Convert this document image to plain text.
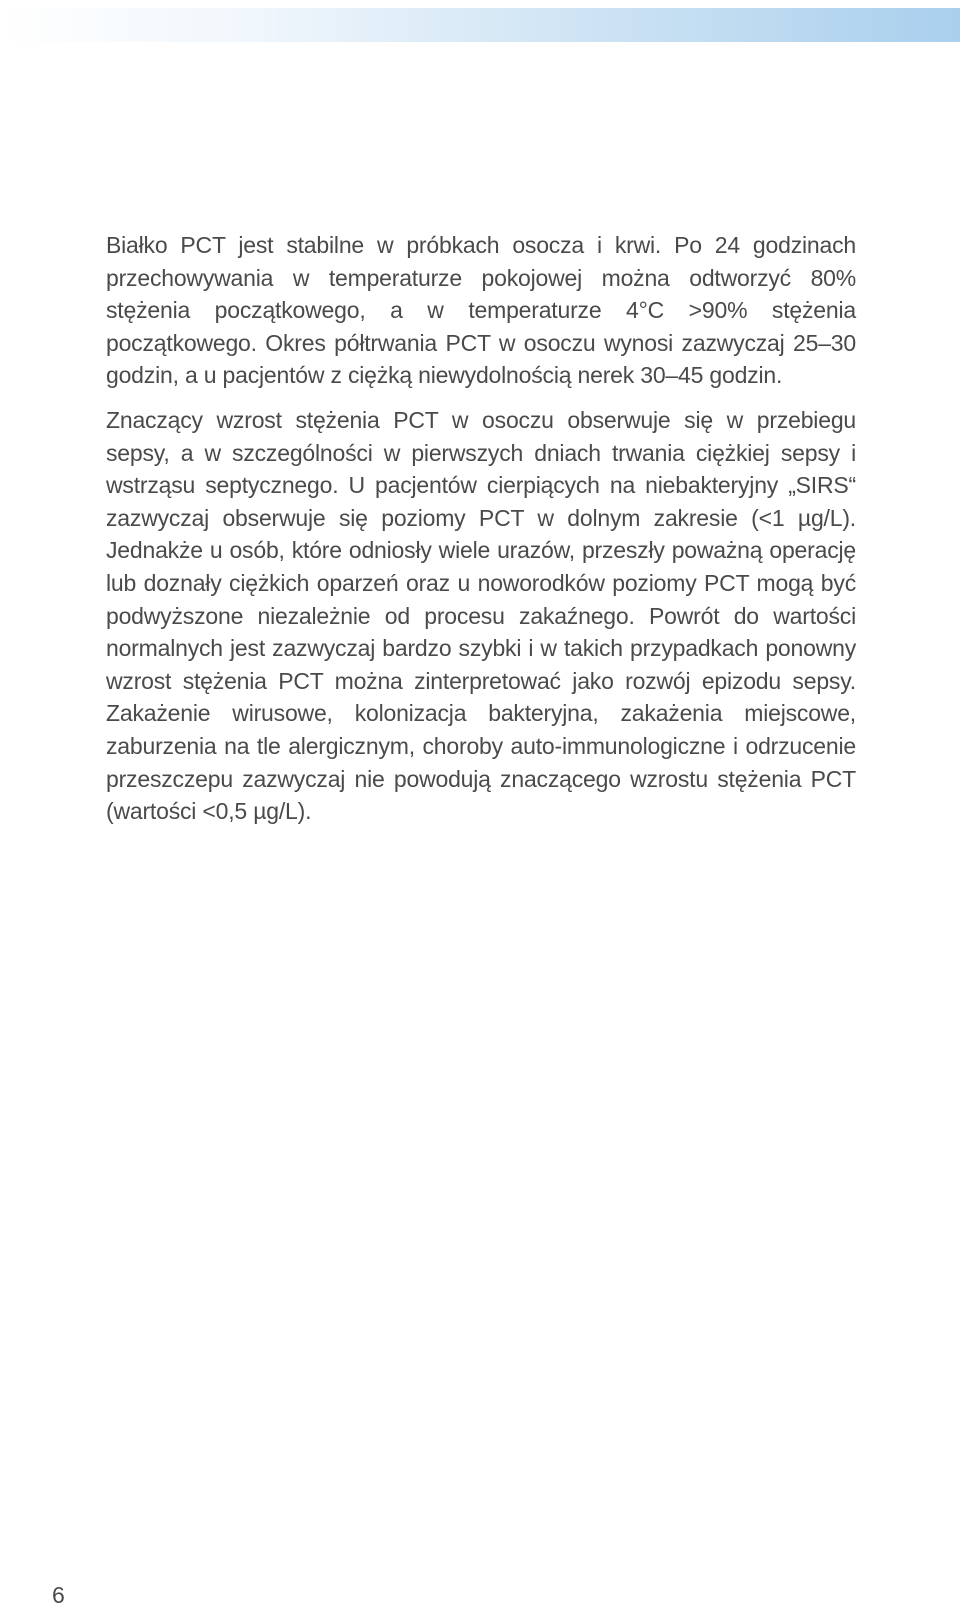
Białko PCT jest stabilne w próbkach osocza i krwi. Po 24 godzinach przechowywania w temperaturze pokojowej można odtworzyć 80% stężenia początkowego, a w temperaturze 4°C >90% stężenia początkowego. Okres półtrwania PCT w osoczu wynosi zazwyczaj 25–30 godzin, a u pacjentów z ciężką niewydolnością nerek 30–45 godzin.

Znaczący wzrost stężenia PCT w osoczu obserwuje się w przebiegu sepsy, a w szczególności w pierwszych dniach trwania ciężkiej sepsy i wstrząsu septycznego. U pacjentów cierpiących na niebakteryjny „SIRS“ zazwyczaj obserwuje się poziomy PCT w dolnym zakresie (<1 µg/L). Jednakże u osób, które odniosły wiele urazów, przeszły poważną operację lub doznały ciężkich oparzeń oraz u noworodków poziomy PCT mogą być podwyższone niezależnie od procesu zakaźnego. Powrót do wartości normalnych jest zazwyczaj bardzo szybki i w takich przypadkach ponowny wzrost stężenia PCT można zinterpretować jako rozwój epizodu sepsy. Zakażenie wirusowe, kolonizacja bakteryjna, zakażenia miejscowe, zaburzenia na tle alergicznym, choroby auto-immunologiczne i odrzucenie przeszczepu zazwyczaj nie powodują znaczącego wzrostu stężenia PCT (wartości <0,5 µg/L).

6
